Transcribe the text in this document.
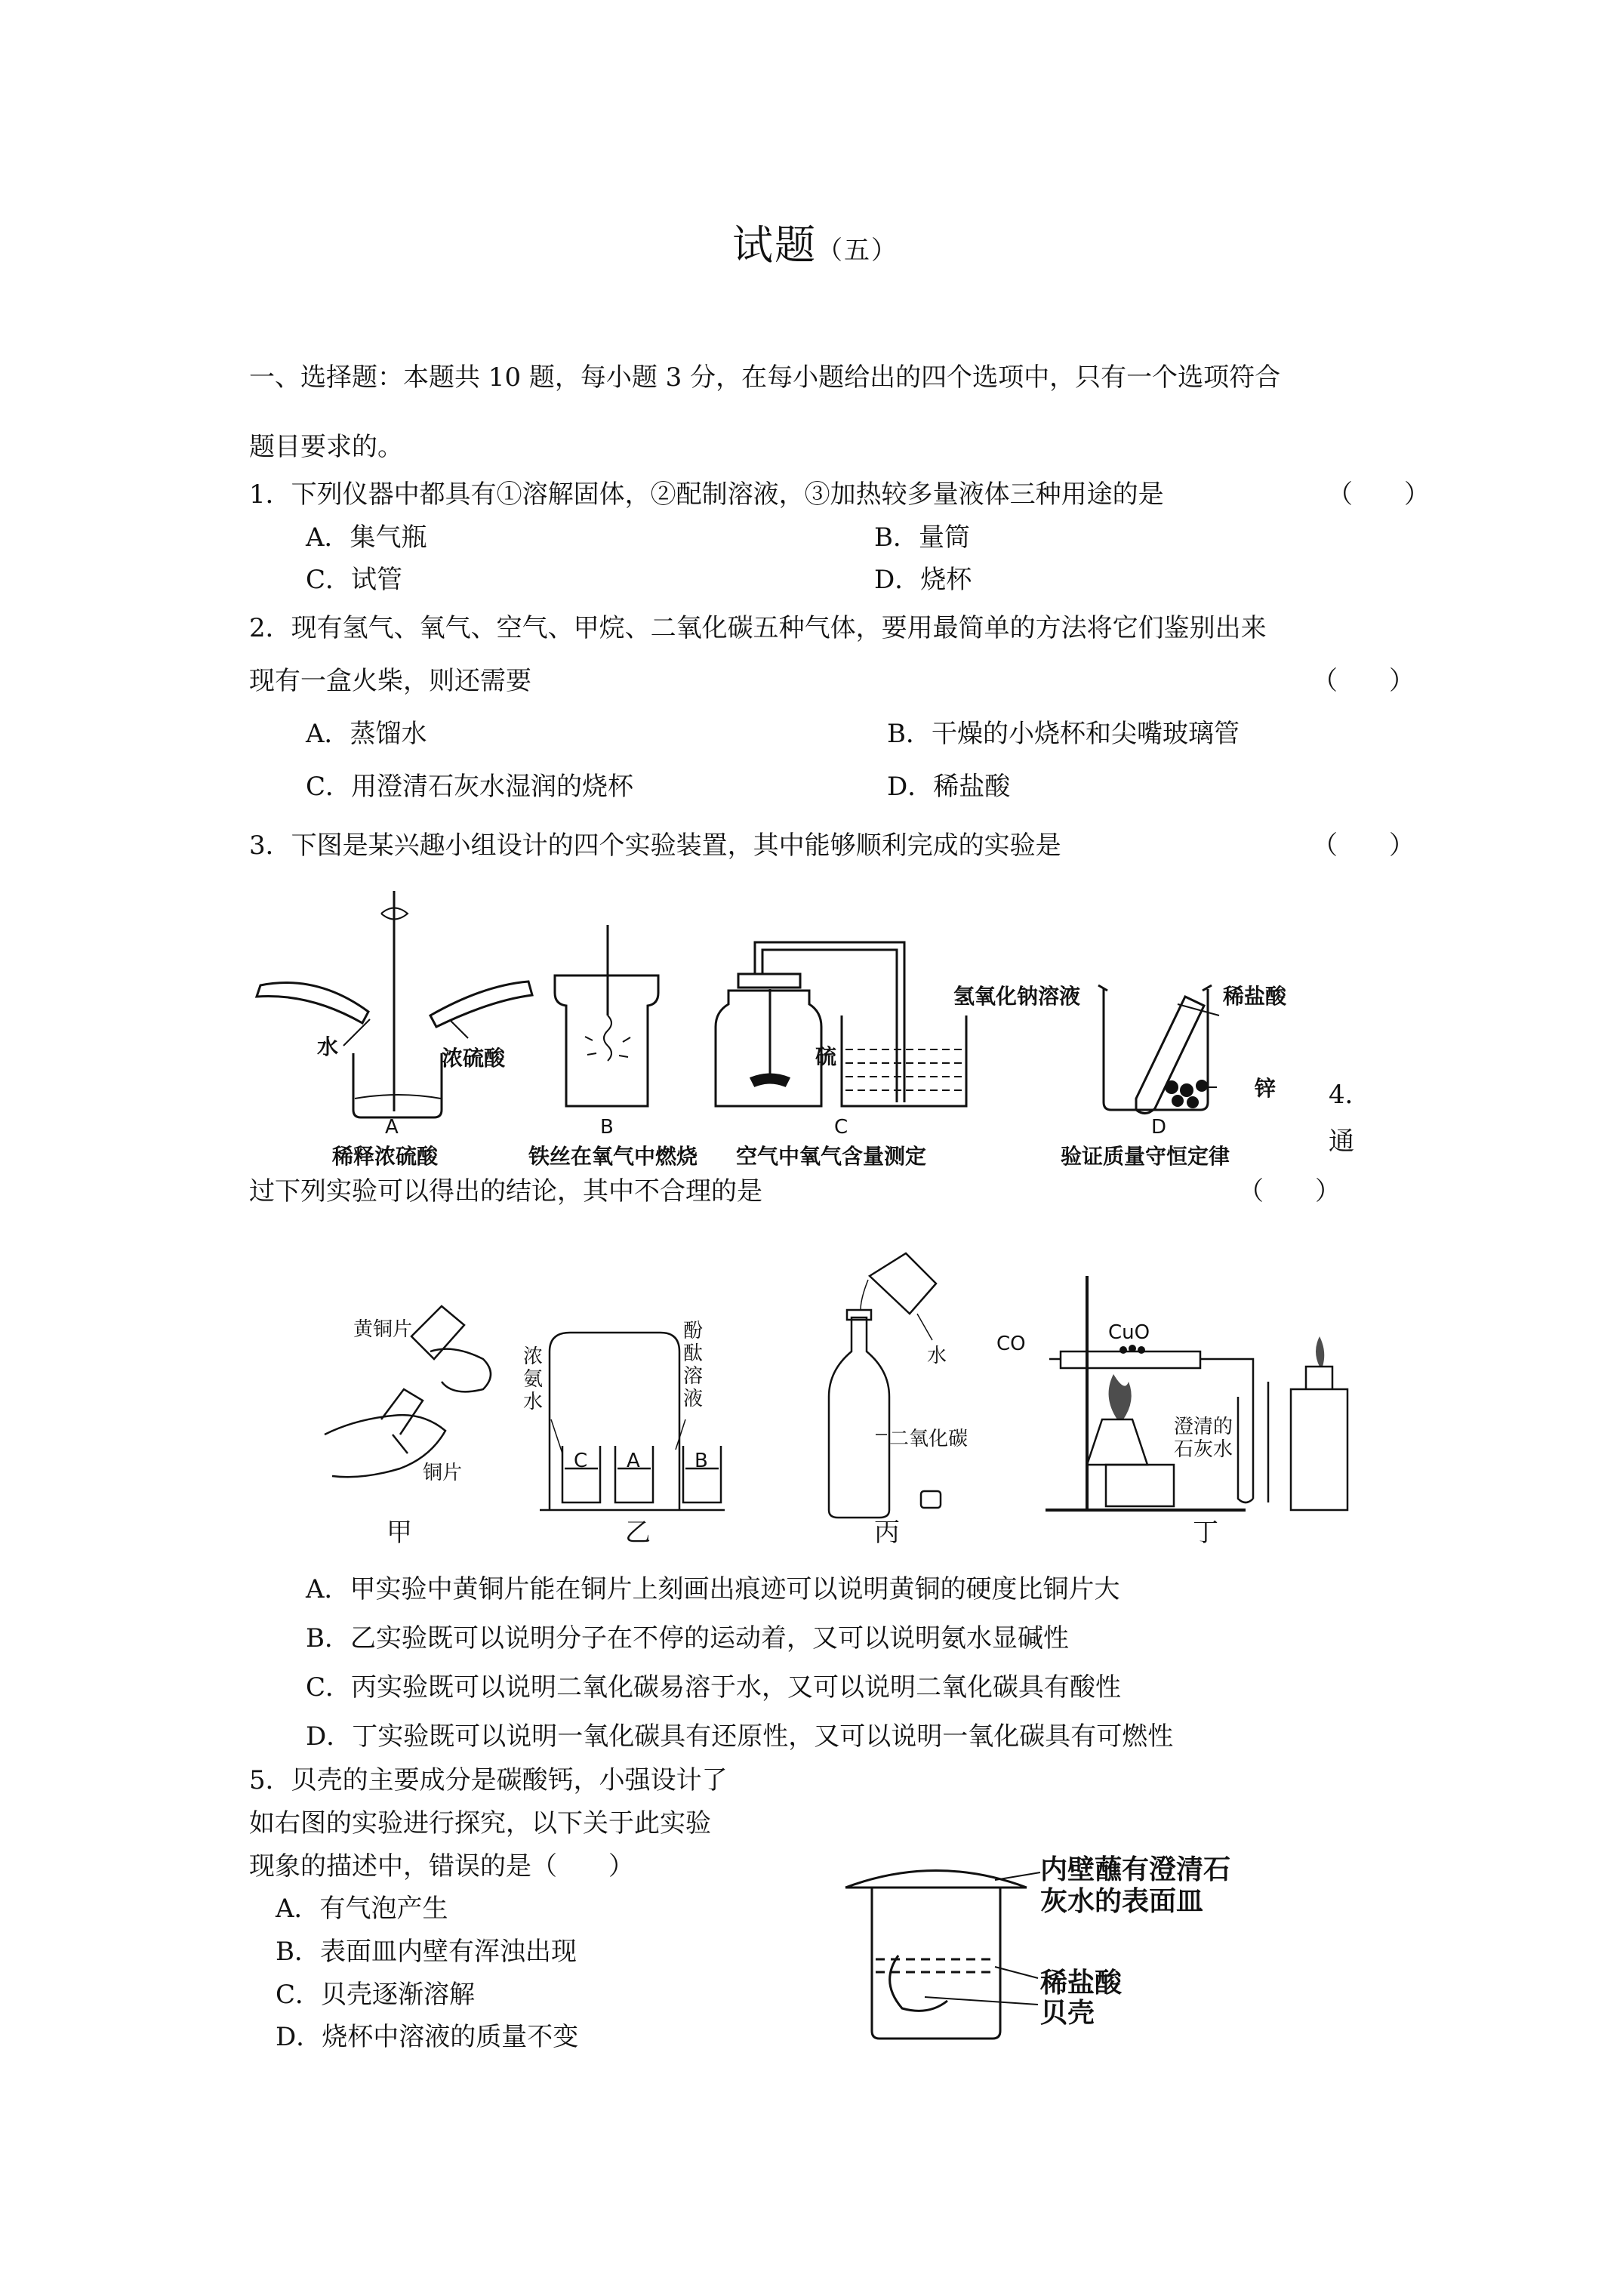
试题（五）
一、选择题：本题共 10 题，每小题 3 分，在每小题给出的四个选项中，只有一个选项符合
题目要求的。
1．下列仪器中都具有①溶解固体，②配制溶液，③加热较多量液体三种用途的是	（　　）
A．集气瓶	B．量筒
C．试管	D．烧杯
2．现有氢气、氧气、空气、甲烷、二氧化碳五种气体，要用最简单的方法将它们鉴别出来
现有一盒火柴，则还需要	（　　）
A．蒸馏水	B．干燥的小烧杯和尖嘴玻璃管
C．用澄清石灰水湿润的烧杯	D．稀盐酸
3．下图是某兴趣小组设计的四个实验装置，其中能够顺利完成的实验是	（　　）
水	浓硫酸	硫
氢氧化钠溶液	稀盐酸
锌
A	B	C	D
稀释浓硫酸	铁丝在氧气中燃烧 空气中氧气含量测定	验证质量守恒定律
4．
通
过下列实验可以得出的结论，其中不合理的是	（　　）
黄铜片
铜片
浓
氨
水
酚
酞
溶
液
C A	B
水
二氧化碳
CO	CuO
澄清的
石灰水
甲	乙	丙	丁
A．甲实验中黄铜片能在铜片上刻画出痕迹可以说明黄铜的硬度比铜片大
B．乙实验既可以说明分子在不停的运动着，又可以说明氨水显碱性
C．丙实验既可以说明二氧化碳易溶于水，又可以说明二氧化碳具有酸性
D．丁实验既可以说明一氧化碳具有还原性，又可以说明一氧化碳具有可燃性
5．贝壳的主要成分是碳酸钙，小强设计了
如右图的实验进行探究，以下关于此实验
现象的描述中，错误的是（　　）
A．有气泡产生
B．表面皿内壁有浑浊出现
C．贝壳逐渐溶解
D．烧杯中溶液的质量不变
内壁蘸有澄清石
灰水的表面皿
稀盐酸
贝壳
